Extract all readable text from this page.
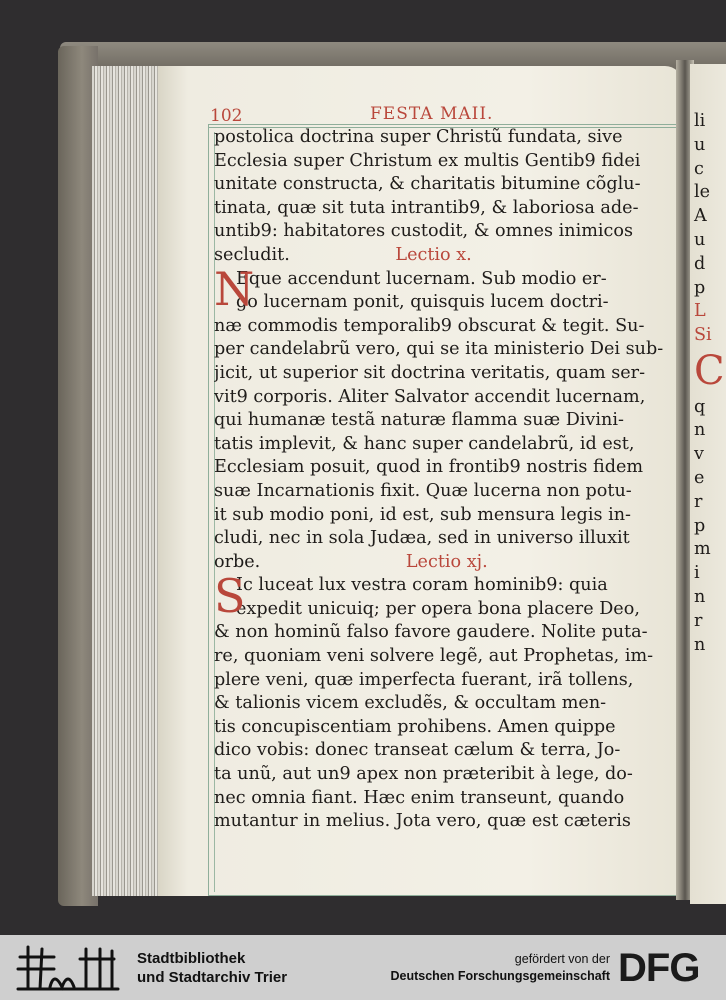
102	FESTA MAII.
postolica doctrina super Christũ fundata, sive
Ecclesia super Christum ex multis Gentib9 fidei
unitate constructa, & charitatis bitumine cõglu-
tinata, quæ sit tuta intrantib9, & laboriosa ade-
untib9: habitatores custodit, & omnes inimicos
secludit.	Lectio x.
Eque accendunt lucernam. Sub modio er-
go lucernam ponit, quisquis lucem doctri-
næ commodis temporalib9 obscurat & tegit. Su-
per candelabrũ vero, qui se ita ministerio Dei sub-
jicit, ut superior sit doctrina veritatis, quam ser-
vit9 corporis. Aliter Salvator accendit lucernam,
qui humanæ testã naturæ flamma suæ Divini-
tatis implevit, & hanc super candelabrũ, id est,
Ecclesiam posuit, quod in frontib9 nostris fidem
suæ Incarnationis fixit. Quæ lucerna non potu-
it sub modio poni, id est, sub mensura legis in-
cludi, nec in sola Judæa, sed in universo illuxit
orbe.	Lectio xj.
Ic luceat lux vestra coram hominib9: quia
expedit unicuiq; per opera bona placere Deo,
& non hominũ falso favore gaudere. Nolite puta-
re, quoniam veni solvere legẽ, aut Prophetas, im-
plere veni, quæ imperfecta fuerant, irã tollens,
& talionis vicem excludẽs, & occultam men-
tis concupiscentiam prohibens. Amen quippe
dico vobis: donec transeat cælum & terra, Jo-
ta unũ, aut un9 apex non præteribit à lege, do-
nec omnia fiant. Hæc enim transeunt, quando
mutantur in melius. Jota vero, quæ est cæteris
N
S
li
u
c
le
A
u
d
p
L
Si
C
q
n
v
e
r
p
m
i
n
r
n
Stadtbibliothek
und Stadtarchiv Trier
gefördert von der
Deutschen Forschungsgemeinschaft DFG
